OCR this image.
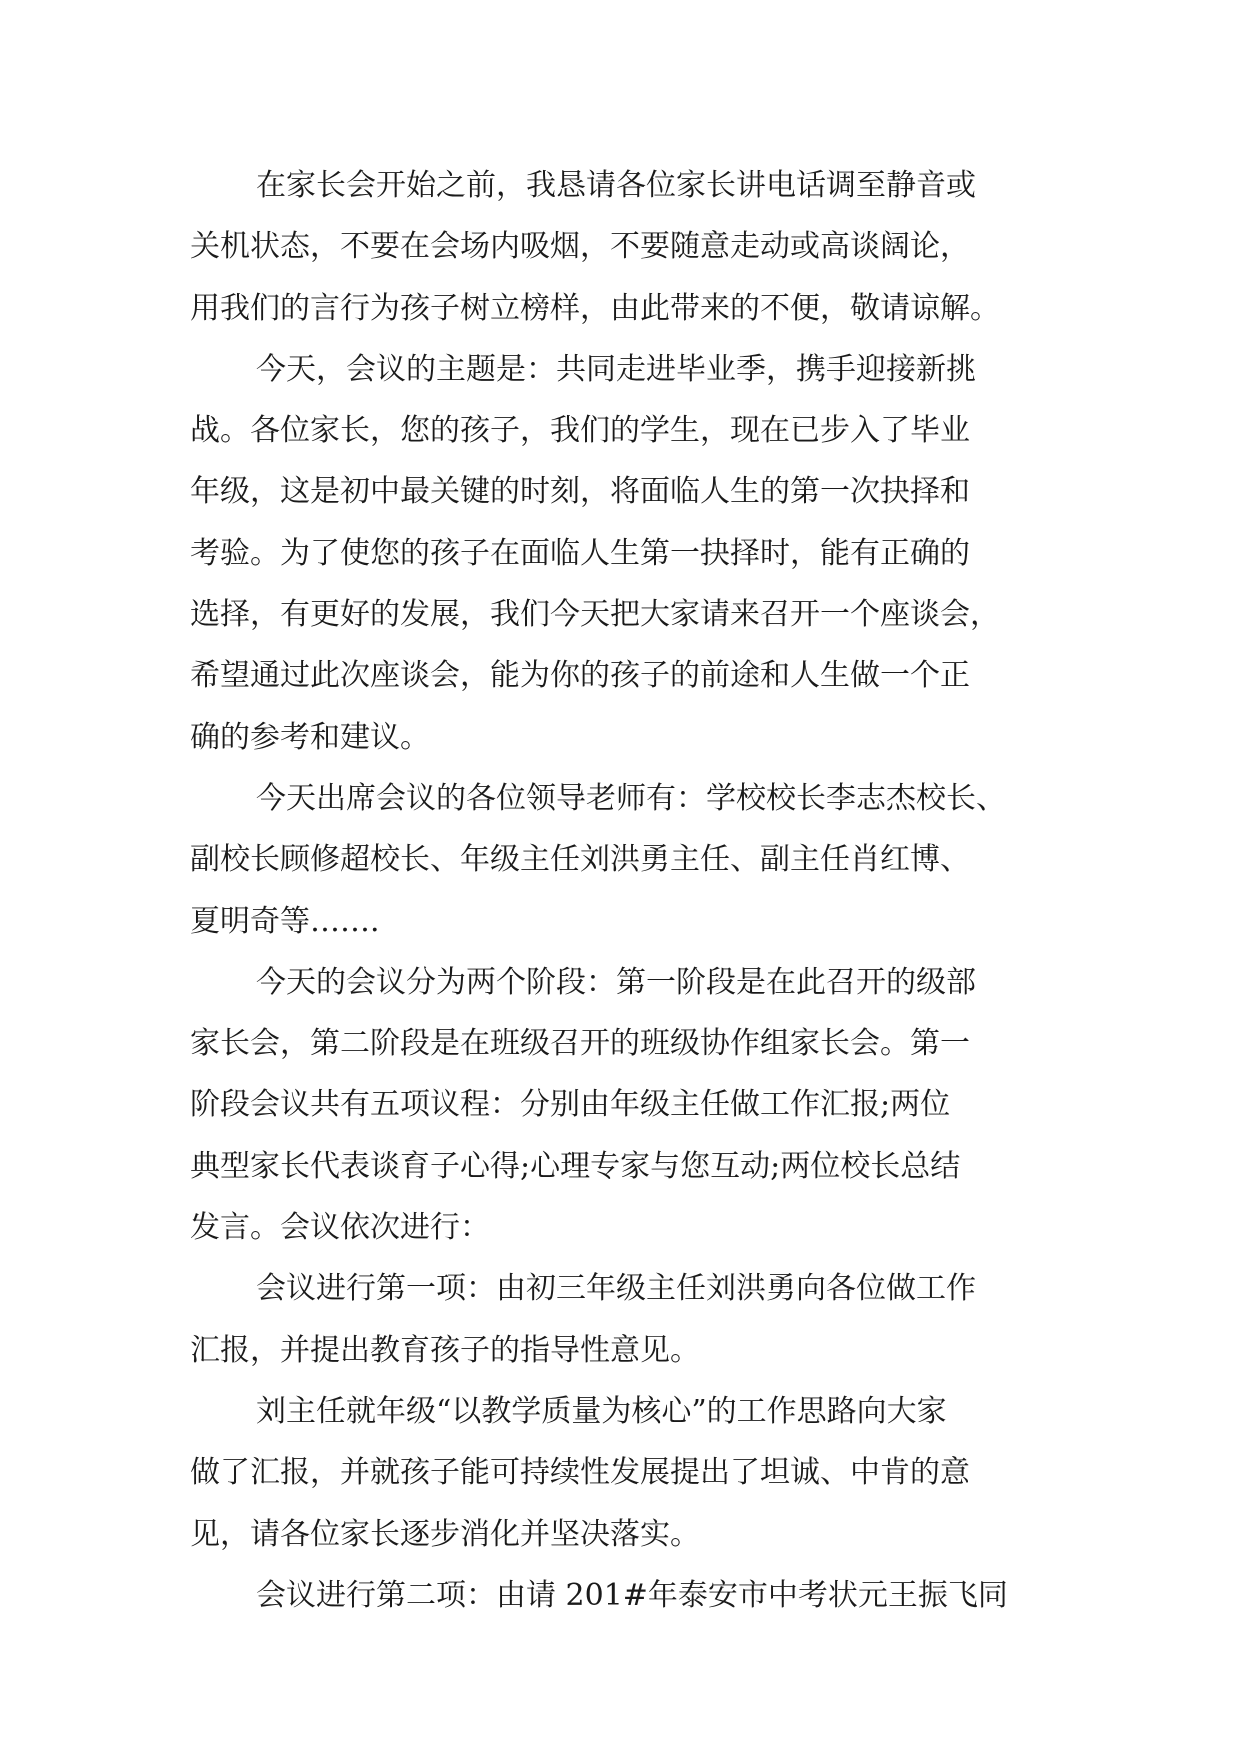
在家长会开始之前，我恳请各位家长讲电话调至静音或
关机状态，不要在会场内吸烟，不要随意走动或高谈阔论，
用我们的言行为孩子树立榜样，由此带来的不便，敬请谅解。
今天，会议的主题是：共同走进毕业季，携手迎接新挑
战。各位家长，您的孩子，我们的学生，现在已步入了毕业
年级，这是初中最关键的时刻，将面临人生的第一次抉择和
考验。为了使您的孩子在面临人生第一抉择时，能有正确的
选择，有更好的发展，我们今天把大家请来召开一个座谈会，
希望通过此次座谈会，能为你的孩子的前途和人生做一个正
确的参考和建议。
今天出席会议的各位领导老师有：学校校长李志杰校长、
副校长顾修超校长、年级主任刘洪勇主任、副主任肖红博、
夏明奇等…….
今天的会议分为两个阶段：第一阶段是在此召开的级部
家长会，第二阶段是在班级召开的班级协作组家长会。第一
阶段会议共有五项议程：分别由年级主任做工作汇报;两位
典型家长代表谈育子心得;心理专家与您互动;两位校长总结
发言。会议依次进行：
会议进行第一项：由初三年级主任刘洪勇向各位做工作
汇报，并提出教育孩子的指导性意见。
刘主任就年级“以教学质量为核心”的工作思路向大家
做了汇报，并就孩子能可持续性发展提出了坦诚、中肯的意
见，请各位家长逐步消化并坚决落实。
会议进行第二项：由请 201#年泰安市中考状元王振飞同
